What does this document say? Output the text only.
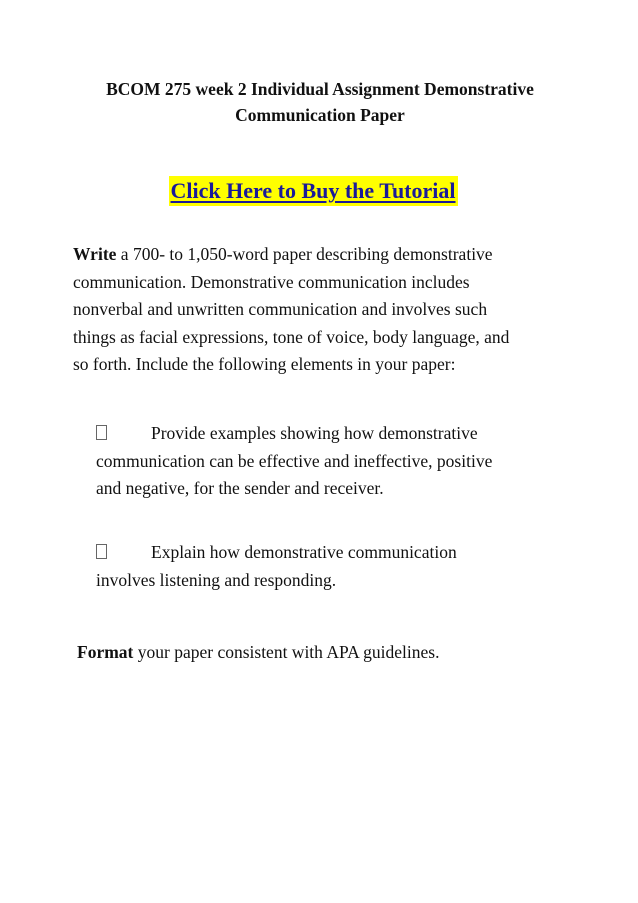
BCOM 275 week 2 Individual Assignment Demonstrative
Communication Paper
Click Here to Buy the Tutorial
Write a 700- to 1,050-word paper describing demonstrative
communication. Demonstrative communication includes
nonverbal and unwritten communication and involves such
things as facial expressions, tone of voice, body language, and
so forth. Include the following elements in your paper:
Provide examples showing how demonstrative
communication can be effective and ineffective, positive
and negative, for the sender and receiver.
Explain how demonstrative communication
involves listening and responding.
Format your paper consistent with APA guidelines.
